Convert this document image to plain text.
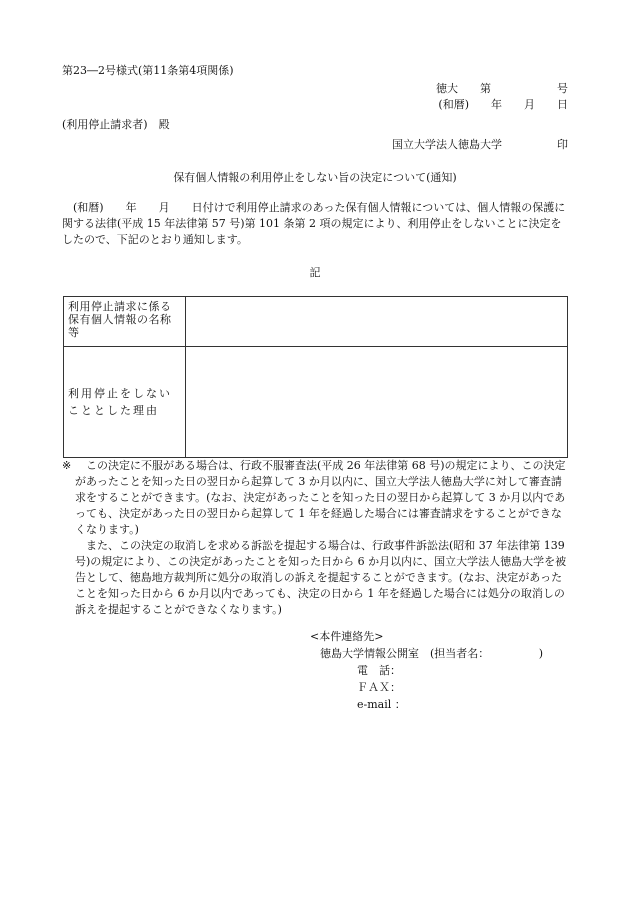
第23―2号様式(第11条第4項関係)
徳大　　第　　　　　　号
(和暦)　　年　　月　　日
(利用停止請求者)　殿
国立大学法人徳島大学　　　　　印
保有個人情報の利用停止をしない旨の決定について(通知)
　(和暦)　　年　　月　　日付けで利用停止請求のあった保有個人情報については、個人情報の保護に関する法律(平成 15 年法律第 57 号)第 101 条第 2 項の規定により、利用停止をしないことに決定をしたので、下記のとおり通知します。
記
利用停止請求に係る保有個人情報の名称等	
利用停止をしないこととした理由	
※	この決定に不服がある場合は、行政不服審査法(平成 26 年法律第 68 号)の規定により、この決定があったことを知った日の翌日から起算して 3 か月以内に、国立大学法人徳島大学に対して審査請求をすることができます。(なお、決定があったことを知った日の翌日から起算して 3 か月以内であっても、決定があった日の翌日から起算して 1 年を経過した場合には審査請求をすることができなくなります。)

また、この決定の取消しを求める訴訟を提起する場合は、行政事件訴訟法(昭和 37 年法律第 139 号)の規定により、この決定があったことを知った日から 6 か月以内に、国立大学法人徳島大学を被告として、徳島地方裁判所に処分の取消しの訴えを提起することができます。(なお、決定があったことを知った日から 6 か月以内であっても、決定の日から 1 年を経過した場合には処分の取消しの訴えを提起することができなくなります。)

<本件連絡先>
徳島大学情報公開室　(担当者名：　　　　　)
電　話：
ＦＡＸ：
e-mail ：
